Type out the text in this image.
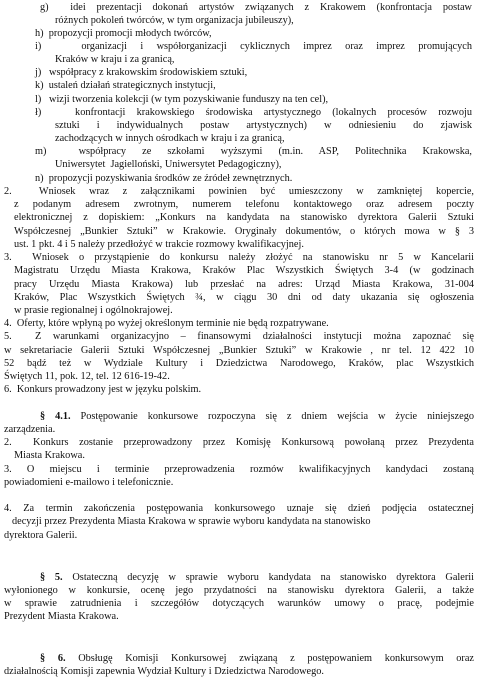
g)  idei prezentacji dokonań artystów związanych z Krakowem (konfrontacja postaw
różnych pokoleń twórców, w tym organizacja jubileuszy),
h)  propozycji promocji młodych twórców,
i)   organizacji i współorganizacji cyklicznych imprez oraz imprez promujących
Kraków w kraju i za granicą,
j)   współpracy z krakowskim środowiskiem sztuki,
k)  ustaleń działań strategicznych instytucji,
l)   wizji tworzenia kolekcji (w tym pozyskiwanie funduszy na ten cel),
ł)   konfrontacji krakowskiego środowiska artystycznego (lokalnych procesów rozwoju
sztuki i indywidualnych postaw artystycznych) w odniesieniu do zjawisk
zachodzących w innych ośrodkach w kraju i za granicą,
m)  współpracy ze szkołami wyższymi (m.in. ASP, Politechnika Krakowska,
Uniwersytet  Jagielloński, Uniwersytet Pedagogiczny),
n)  propozycji pozyskiwania środków ze źródeł zewnętrznych.
2.  Wniosek wraz z załącznikami powinien być umieszczony w zamkniętej kopercie,
z podanym adresem zwrotnym, numerem telefonu kontaktowego oraz adresem poczty
elektronicznej z dopiskiem: „Konkurs na kandydata na stanowisko dyrektora Galerii Sztuki
Współczesnej „Bunkier Sztuki” w Krakowie. Oryginały dokumentów, o których mowa w § 3
ust. 1 pkt. 4 i 5 należy przedłożyć w trakcie rozmowy kwalifikacyjnej.
3.  Wniosek o przystąpienie do konkursu należy złożyć na stanowisku nr 5 w Kancelarii
Magistratu Urzędu Miasta Krakowa, Kraków Plac Wszystkich Świętych 3-4 (w godzinach
pracy Urzędu Miasta Krakowa) lub przesłać na adres: Urząd Miasta Krakowa, 31-004
Kraków, Plac Wszystkich Świętych ¾, w ciągu 30 dni od daty ukazania się ogłoszenia
w prasie regionalnej i ogólnokrajowej.
4.  Oferty, które wpłyną po wyżej określonym terminie nie będą rozpatrywane.
5.  Z warunkami organizacyjno – finansowymi działalności instytucji można zapoznać się
w sekretariacie Galerii Sztuki Współczesnej „Bunkier Sztuki” w Krakowie , nr tel. 12 422 10
52 bądź też w Wydziale Kultury i Dziedzictwa Narodowego, Kraków, plac Wszystkich
Świętych 11, pok. 12, tel. 12 616-19-42.
6.  Konkurs prowadzony jest w języku polskim.
§ 4.1. Postępowanie konkursowe rozpoczyna się z dniem wejścia w życie niniejszego
zarządzenia.
2.  Konkurs zostanie przeprowadzony przez Komisję Konkursową powołaną przez Prezydenta
Miasta Krakowa.
3. O miejscu i terminie przeprowadzenia rozmów kwalifikacyjnych kandydaci zostaną
powiadomieni e-mailowo i telefonicznie.
4. Za termin zakończenia postępowania konkursowego uznaje się dzień podjęcia ostatecznej
decyzji przez Prezydenta Miasta Krakowa w sprawie wyboru kandydata na stanowisko
dyrektora Galerii.
§ 5. Ostateczną decyzję w sprawie wyboru kandydata na stanowisko dyrektora Galerii
wyłonionego w konkursie, ocenę jego przydatności na stanowisku dyrektora Galerii, a także
w sprawie zatrudnienia i szczegółów dotyczących warunków umowy o pracę, podejmie
Prezydent Miasta Krakowa.
§ 6. Obsługę Komisji Konkursowej związaną z postępowaniem konkursowym oraz
działalnością Komisji zapewnia Wydział Kultury i Dziedzictwa Narodowego.
